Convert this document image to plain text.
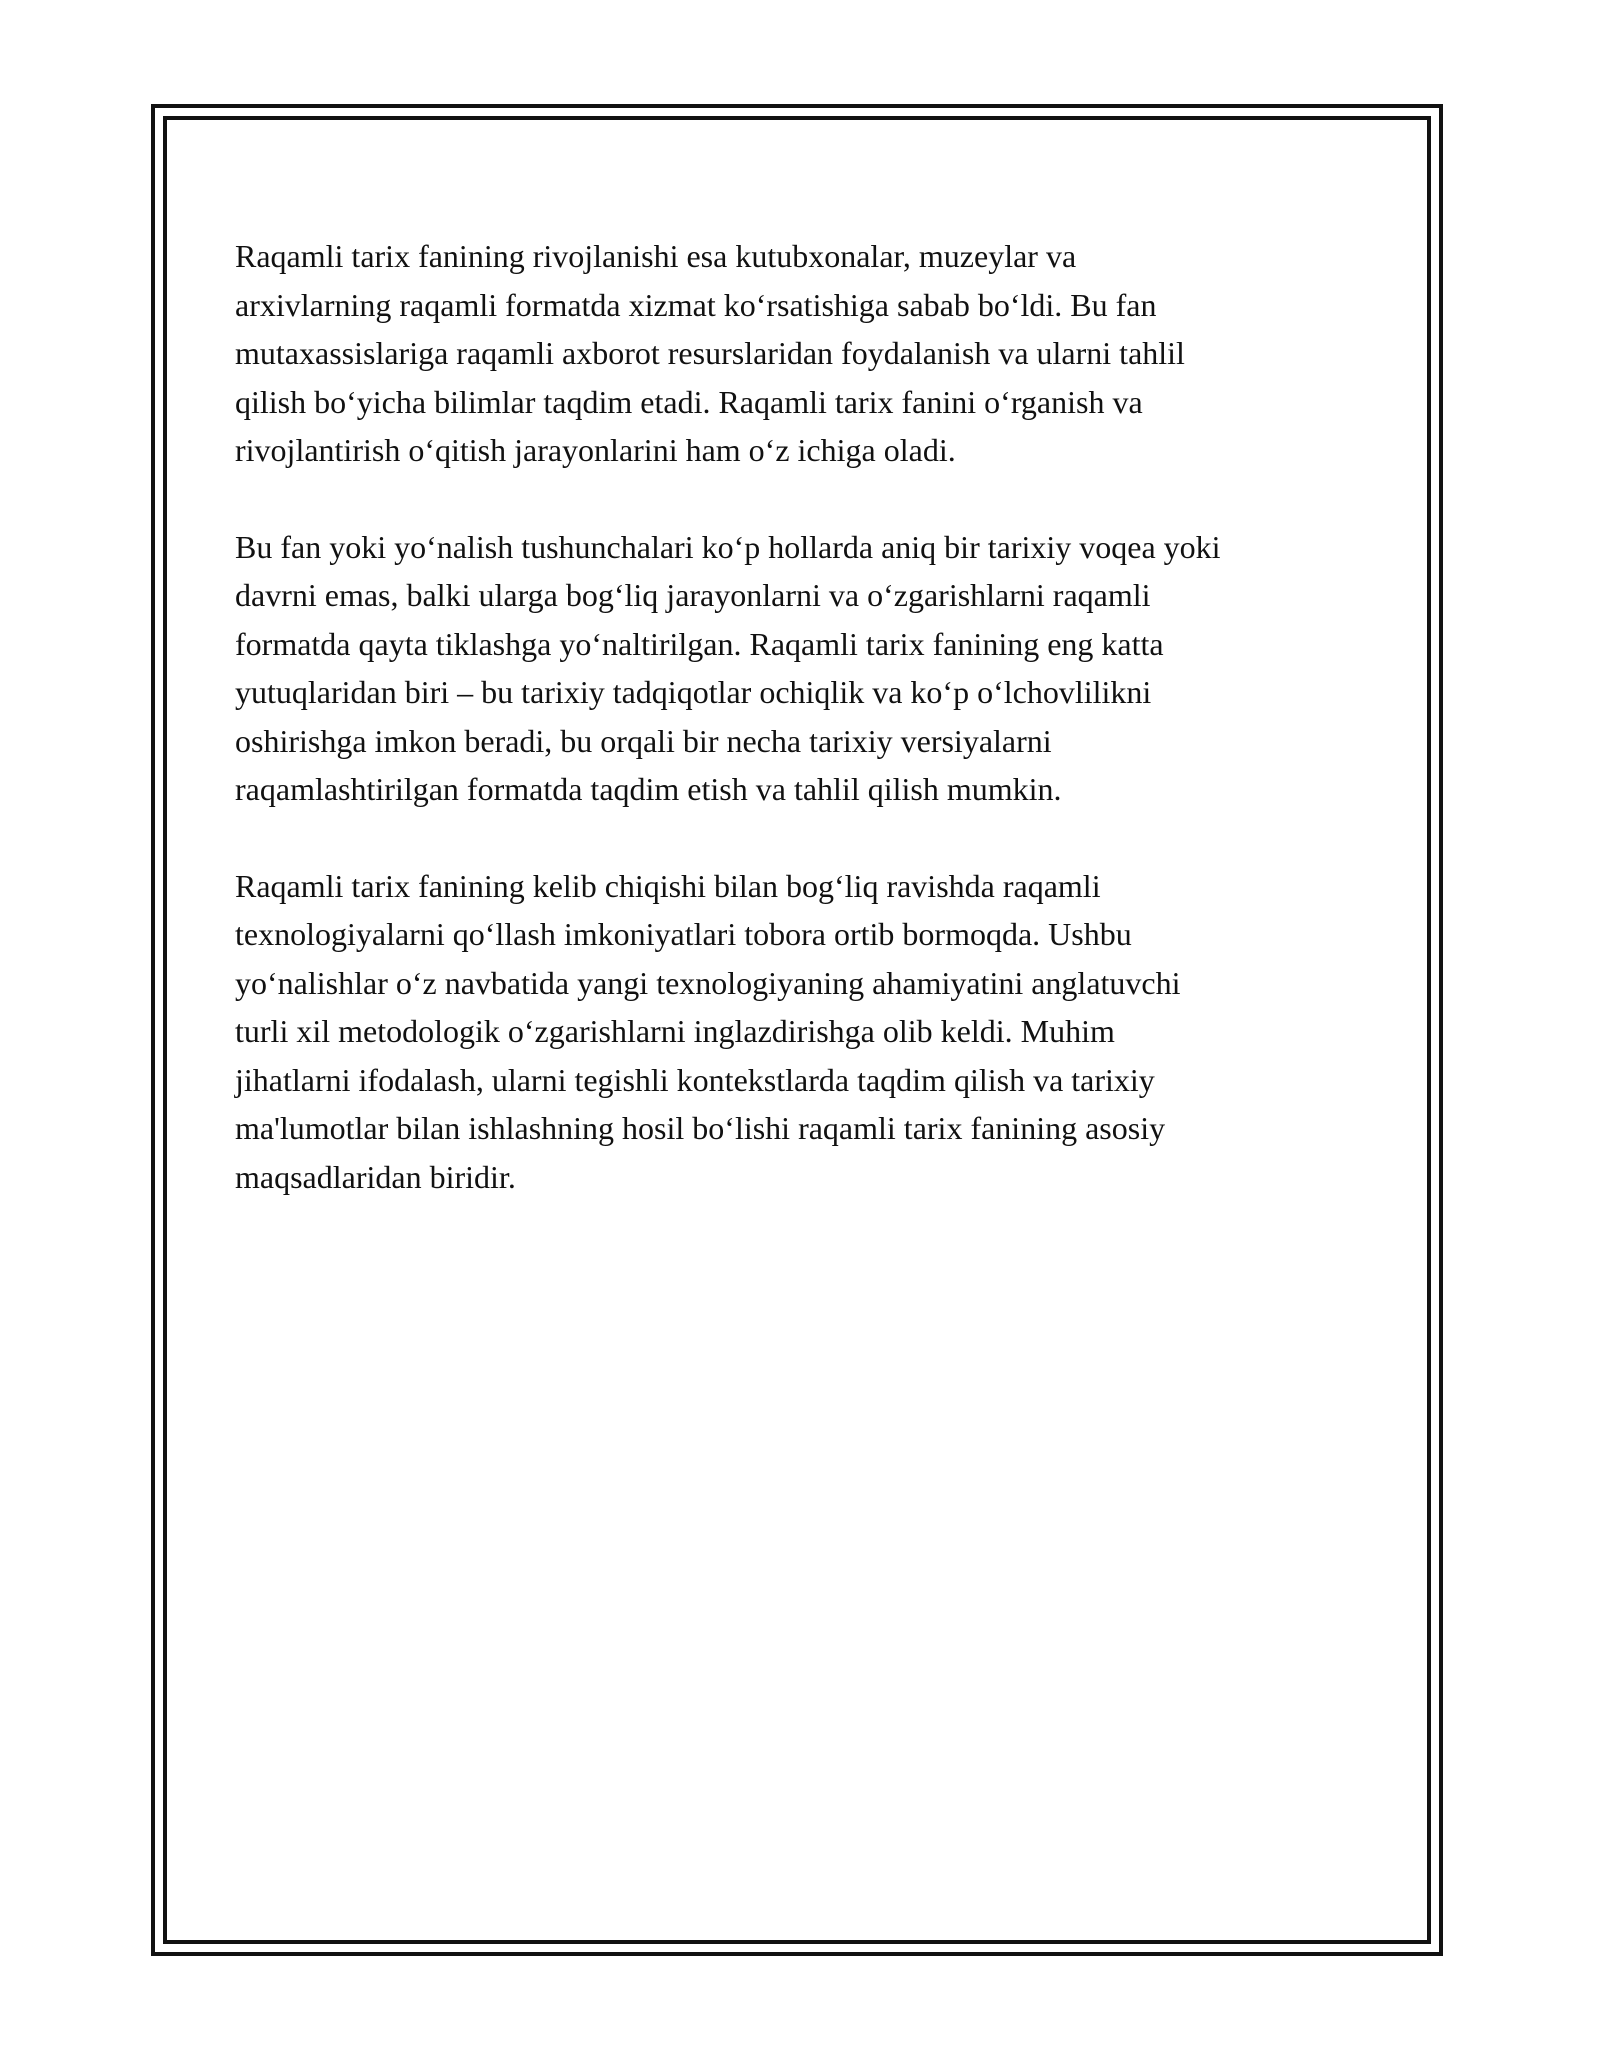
Raqamli tarix fanining rivojlanishi esa kutubxonalar, muzeylar va
arxivlarning raqamli formatda xizmat ko‘rsatishiga sabab bo‘ldi. Bu fan
mutaxassislariga raqamli axborot resurslaridan foydalanish va ularni tahlil
qilish bo‘yicha bilimlar taqdim etadi. Raqamli tarix fanini o‘rganish va
rivojlantirish o‘qitish jarayonlarini ham o‘z ichiga oladi.

Bu fan yoki yo‘nalish tushunchalari ko‘p hollarda aniq bir tarixiy voqea yoki
davrni emas, balki ularga bog‘liq jarayonlarni va o‘zgarishlarni raqamli
formatda qayta tiklashga yo‘naltirilgan. Raqamli tarix fanining eng katta
yutuqlaridan biri – bu tarixiy tadqiqotlar ochiqlik va ko‘p o‘lchovlilikni
oshirishga imkon beradi, bu orqali bir necha tarixiy versiyalarni
raqamlashtirilgan formatda taqdim etish va tahlil qilish mumkin.

Raqamli tarix fanining kelib chiqishi bilan bog‘liq ravishda raqamli
texnologiyalarni qo‘llash imkoniyatlari tobora ortib bormoqda. Ushbu
yo‘nalishlar o‘z navbatida yangi texnologiyaning ahamiyatini anglatuvchi
turli xil metodologik o‘zgarishlarni inglazdirishga olib keldi. Muhim
jihatlarni ifodalash, ularni tegishli kontekstlarda taqdim qilish va tarixiy
ma'lumotlar bilan ishlashning hosil bo‘lishi raqamli tarix fanining asosiy
maqsadlaridan biridir.
